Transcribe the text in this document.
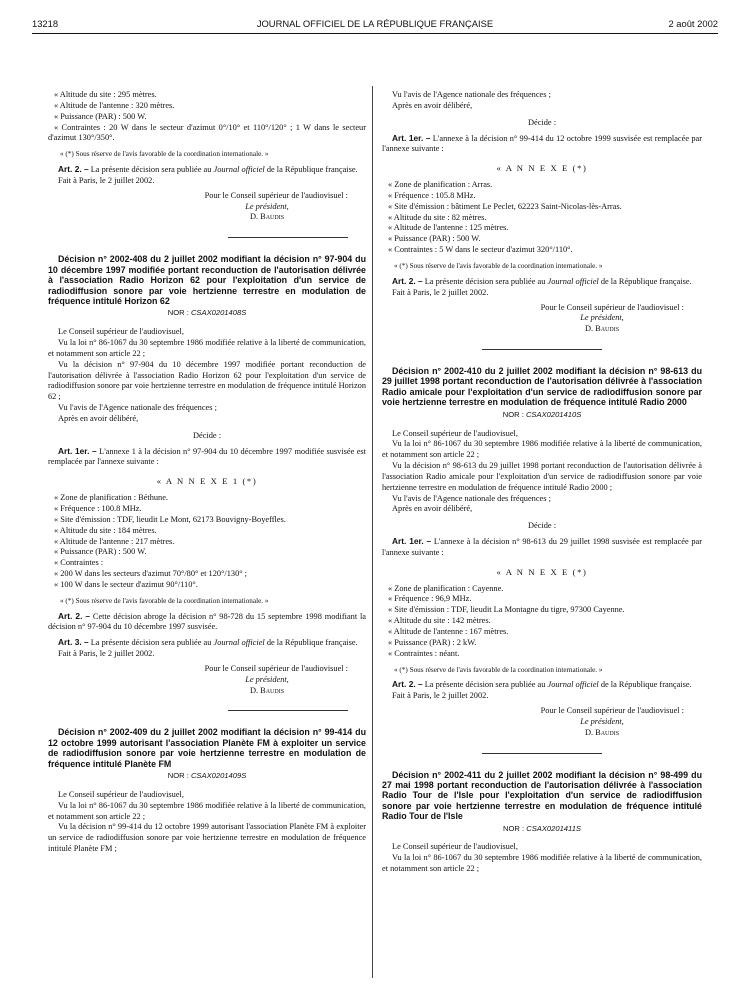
13218	JOURNAL OFFICIEL DE LA RÉPUBLIQUE FRANÇAISE	2 août 2002

« Altitude du site : 295 mètres.

« Altitude de l'antenne : 320 mètres.

« Puissance (PAR) : 500 W.

« Contraintes : 20 W dans le secteur d'azimut 0°/10° et 110°/120° ; 1 W dans le secteur d'azimut 130°/350°.

« (*) Sous réserve de l'avis favorable de la coordination internationale. »

Art. 2. – La présente décision sera publiée au Journal officiel de la République française.

Fait à Paris, le 2 juillet 2002.

Pour le Conseil supérieur de l'audiovisuel :

Le président,

D. Baudis

Décision n° 2002-408 du 2 juillet 2002 modifiant la décision n° 97-904 du 10 décembre 1997 modifiée portant reconduction de l'autorisation délivrée à l'association Radio Horizon 62 pour l'exploitation d'un service de radiodiffusion sonore par voie hertzienne terrestre en modulation de fréquence intitulé Horizon 62

NOR : CSAX0201408S

Le Conseil supérieur de l'audiovisuel,

Vu la loi n° 86-1067 du 30 septembre 1986 modifiée relative à la liberté de communication, et notamment son article 22 ;

Vu la décision n° 97-904 du 10 décembre 1997 modifiée portant reconduction de l'autorisation délivrée à l'association Radio Horizon 62 pour l'exploitation d'un service de radiodiffusion sonore par voie hertzienne terrestre en modulation de fréquence intitulé Horizon 62 ;

Vu l'avis de l'Agence nationale des fréquences ;

Après en avoir délibéré,

Décide :

Art. 1er. – L'annexe 1 à la décision n° 97-904 du 10 décembre 1997 modifiée susvisée est remplacée par l'annexe suivante :

« A N N E X E 1 (*)

« Zone de planification : Béthune.

« Fréquence : 100.8 MHz.

« Site d'émission : TDF, lieudit Le Mont, 62173 Bouvigny-Boyeffles.

« Altitude du site : 184 mètres.

« Altitude de l'antenne : 217 mètres.

« Puissance (PAR) : 500 W.

« Contraintes :

« 200 W dans les secteurs d'azimut 70°/80° et 120°/130° ;

« 100 W dans le secteur d'azimut 90°/110°.

« (*) Sous réserve de l'avis favorable de la coordination internationale. »

Art. 2. – Cette décision abroge la décision n° 98-728 du 15 septembre 1998 modifiant la décision n° 97-904 du 10 décembre 1997 susvisée.

Art. 3. – La présente décision sera publiée au Journal officiel de la République française.

Fait à Paris, le 2 juillet 2002.

Pour le Conseil supérieur de l'audiovisuel :

Le président,

D. Baudis

Décision n° 2002-409 du 2 juillet 2002 modifiant la décision n° 99-414 du 12 octobre 1999 autorisant l'association Planète FM à exploiter un service de radiodiffusion sonore par voie hertzienne terrestre en modulation de fréquence intitulé Planète FM

NOR : CSAX0201409S

Le Conseil supérieur de l'audiovisuel,

Vu la loi n° 86-1067 du 30 septembre 1986 modifiée relative à la liberté de communication, et notamment son article 22 ;

Vu la décision n° 99-414 du 12 octobre 1999 autorisant l'association Planète FM à exploiter un service de radiodiffusion sonore par voie hertzienne terrestre en modulation de fréquence intitulé Planète FM ;

Vu l'avis de l'Agence nationale des fréquences ;

Après en avoir délibéré,

Décide :

Art. 1er. – L'annexe à la décision n° 99-414 du 12 octobre 1999 susvisée est remplacée par l'annexe suivante :

« A N N E X E (*)

« Zone de planification : Arras.

« Fréquence : 105.8 MHz.

« Site d'émission : bâtiment Le Peclet, 62223 Saint-Nicolas-lès-Arras.

« Altitude du site : 82 mètres.

« Altitude de l'antenne : 125 mètres.

« Puissance (PAR) : 500 W.

« Contraintes : 5 W dans le secteur d'azimut 320°/110°.

« (*) Sous réserve de l'avis favorable de la coordination internationale. »

Art. 2. – La présente décision sera publiée au Journal officiel de la République française.

Fait à Paris, le 2 juillet 2002.

Pour le Conseil supérieur de l'audiovisuel :

Le président,

D. Baudis

Décision n° 2002-410 du 2 juillet 2002 modifiant la décision n° 98-613 du 29 juillet 1998 portant reconduction de l'autorisation délivrée à l'association Radio amicale pour l'exploitation d'un service de radiodiffusion sonore par voie hertzienne terrestre en modulation de fréquence intitulé Radio 2000

NOR : CSAX0201410S

Le Conseil supérieur de l'audiovisuel,

Vu la loi n° 86-1067 du 30 septembre 1986 modifiée relative à la liberté de communication, et notamment son article 22 ;

Vu la décision n° 98-613 du 29 juillet 1998 portant reconduction de l'autorisation délivrée à l'association Radio amicale pour l'exploitation d'un service de radiodiffusion sonore par voie hertzienne terrestre en modulation de fréquence intitulé Radio 2000 ;

Vu l'avis de l'Agence nationale des fréquences ;

Après en avoir délibéré,

Décide :

Art. 1er. – L'annexe à la décision n° 98-613 du 29 juillet 1998 susvisée est remplacée par l'annexe suivante :

« A N N E X E (*)

« Zone de planification : Cayenne.

« Fréquence : 96,9 MHz.

« Site d'émission : TDF, lieudit La Montagne du tigre, 97300 Cayenne.

« Altitude du site : 142 mètres.

« Altitude de l'antenne : 167 mètres.

« Puissance (PAR) : 2 kW.

« Contraintes : néant.

« (*) Sous réserve de l'avis favorable de la coordination internationale. »

Art. 2. – La présente décision sera publiée au Journal officiel de la République française.

Fait à Paris, le 2 juillet 2002.

Pour le Conseil supérieur de l'audiovisuel :

Le président,

D. Baudis

Décision n° 2002-411 du 2 juillet 2002 modifiant la décision n° 98-499 du 27 mai 1998 portant reconduction de l'autorisation délivrée à l'association Radio Tour de l'Isle pour l'exploitation d'un service de radiodiffusion sonore par voie hertzienne terrestre en modulation de fréquence intitulé Radio Tour de l'Isle

NOR : CSAX0201411S

Le Conseil supérieur de l'audiovisuel,

Vu la loi n° 86-1067 du 30 septembre 1986 modifiée relative à la liberté de communication, et notamment son article 22 ;
